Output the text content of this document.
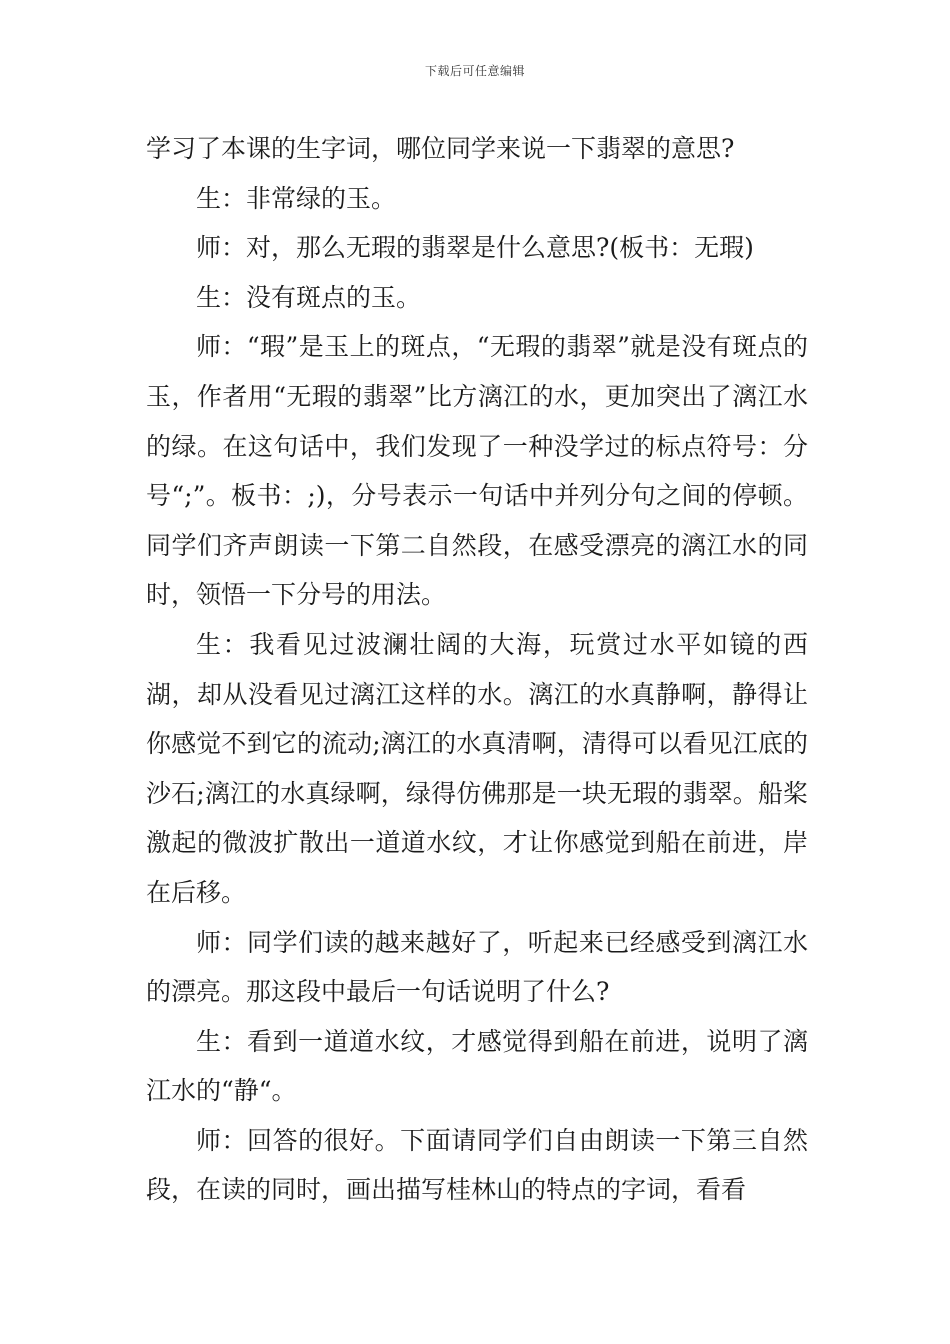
下载后可任意编辑

学习了本课的生字词，哪位同学来说一下翡翠的意思?

生：非常绿的玉。

师：对，那么无瑕的翡翠是什么意思?(板书：无瑕)

生：没有斑点的玉。

师：“瑕”是玉上的斑点，“无瑕的翡翠”就是没有斑点的玉，作者用“无瑕的翡翠”比方漓江的水，更加突出了漓江水的绿。在这句话中，我们发现了一种没学过的标点符号：分号“;”。板书：;)，分号表示一句话中并列分句之间的停顿。同学们齐声朗读一下第二自然段，在感受漂亮的漓江水的同时，领悟一下分号的用法。

生：我看见过波澜壮阔的大海，玩赏过水平如镜的西湖，却从没看见过漓江这样的水。漓江的水真静啊，静得让你感觉不到它的流动;漓江的水真清啊，清得可以看见江底的沙石;漓江的水真绿啊，绿得仿佛那是一块无瑕的翡翠。船桨激起的微波扩散出一道道水纹，才让你感觉到船在前进，岸在后移。

师：同学们读的越来越好了，听起来已经感受到漓江水的漂亮。那这段中最后一句话说明了什么?

生：看到一道道水纹，才感觉得到船在前进，说明了漓江水的“静“。

师：回答的很好。下面请同学们自由朗读一下第三自然段，在读的同时，画出描写桂林山的特点的字词，看看
